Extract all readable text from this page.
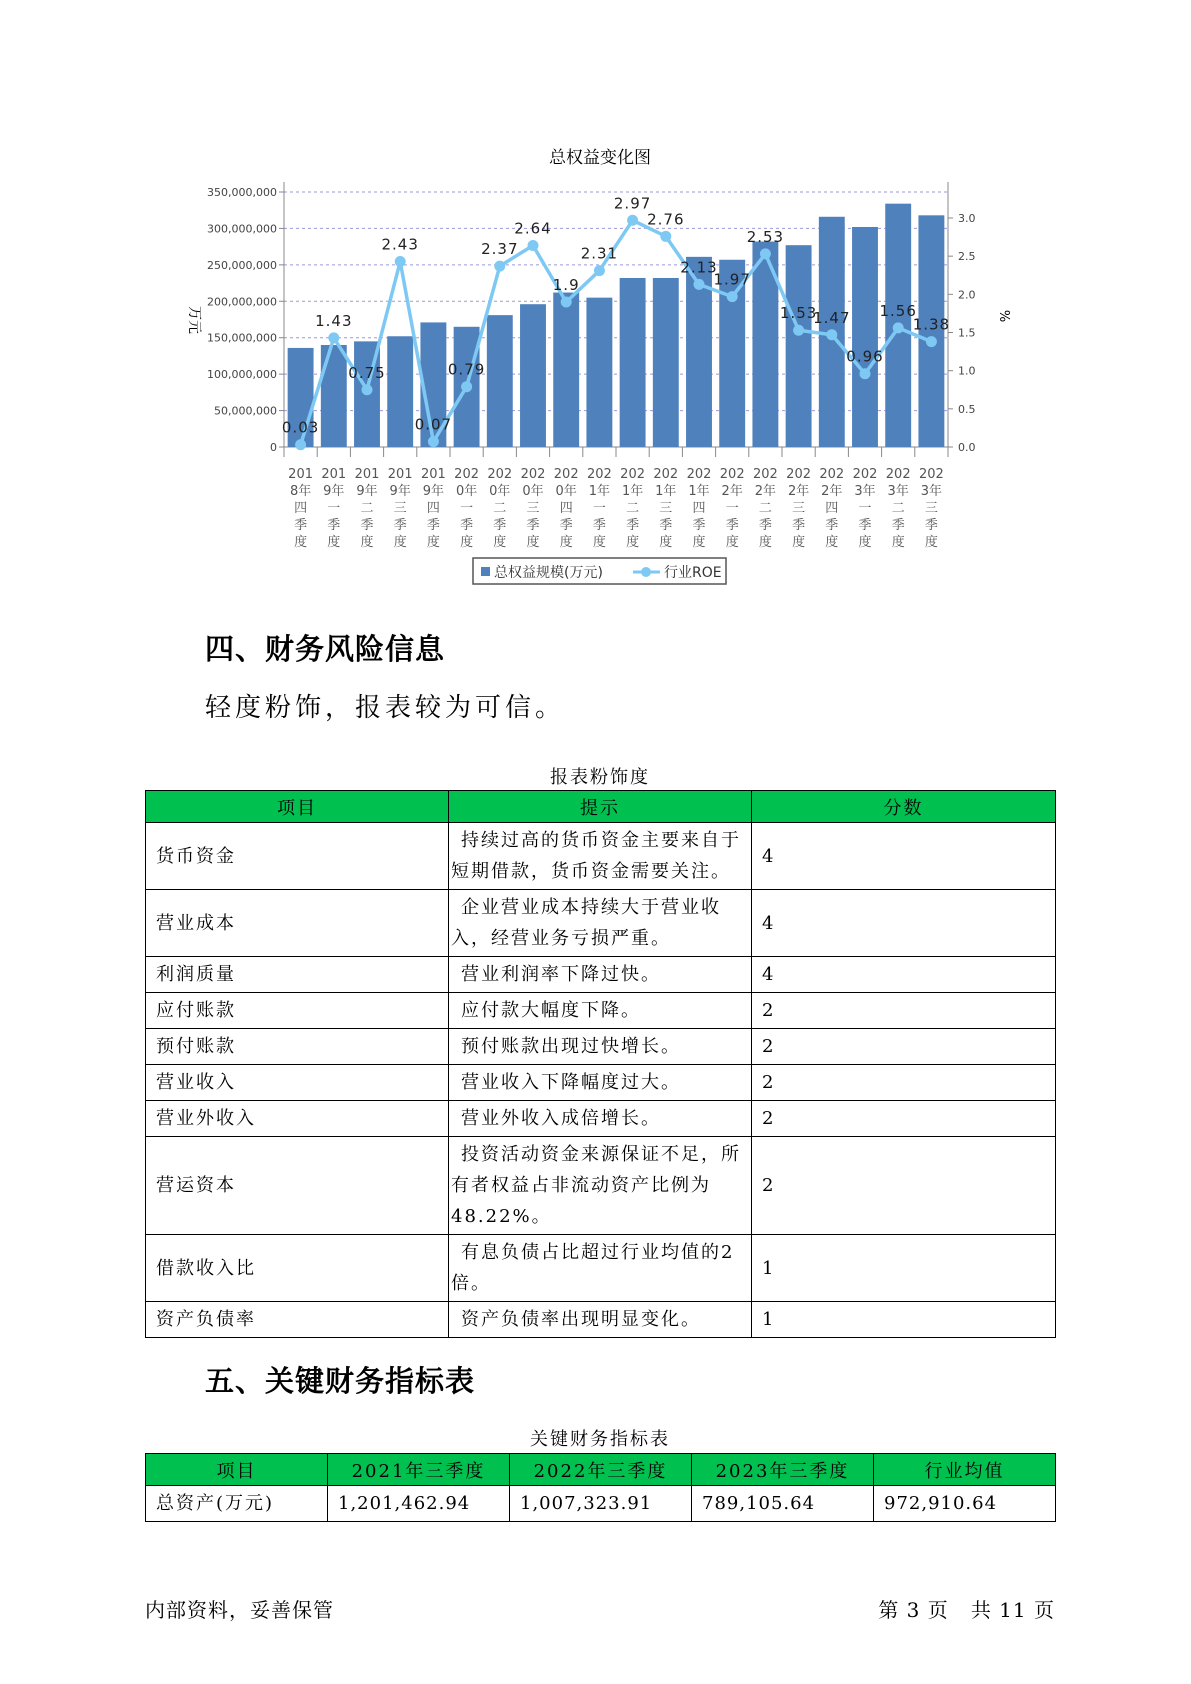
总权益变化图
0
50,000,000
100,000,000
150,000,000
200,000,000
250,000,000
300,000,000
350,000,000
0.0
0.5
1.0
1.5
2.0
2.5
3.0
0.03
1.43
0.75
2.43
0.07
0.79
2.37
2.64
1.9
2.31
2.97
2.76
2.13
1.97
2.53
1.53
1.47
0.96
1.56
1.38
201
8年
四
季
度
201
9年
一
季
度
201
9年
二
季
度
201
9年
三
季
度
201
9年
四
季
度
202
0年
一
季
度
202
0年
二
季
度
202
0年
三
季
度
202
0年
四
季
度
202
1年
一
季
度
202
1年
二
季
度
202
1年
三
季
度
202
1年
四
季
度
202
2年
一
季
度
202
2年
二
季
度
202
2年
三
季
度
202
2年
四
季
度
202
3年
一
季
度
202
3年
二
季
度
202
3年
三
季
度
万元	%
总权益规模(万元)	行业ROE
四、财务风险信息
轻度粉饰，报表较为可信。
报表粉饰度
项目	提示	分数
货币资金	持续过高的货币资金主要来自于短期借款，货币资金需要关注。	4
营业成本	企业营业成本持续大于营业收入，经营业务亏损严重。	4
利润质量	营业利润率下降过快。	4
应付账款	应付款大幅度下降。	2
预付账款	预付账款出现过快增长。	2
营业收入	营业收入下降幅度过大。	2
营业外收入	营业外收入成倍增长。	2
营运资本	投资活动资金来源保证不足，所有者权益占非流动资产比例为48.22%。	2
借款收入比	有息负债占比超过行业均值的2倍。	1
资产负债率	资产负债率出现明显变化。	1
五、关键财务指标表
关键财务指标表
项目	2021年三季度	2022年三季度	2023年三季度	行业均值
总资产(万元)	1,201,462.94	1,007,323.91	789,105.64	972,910.64
内部资料，妥善保管	第 3 页   共 11 页
